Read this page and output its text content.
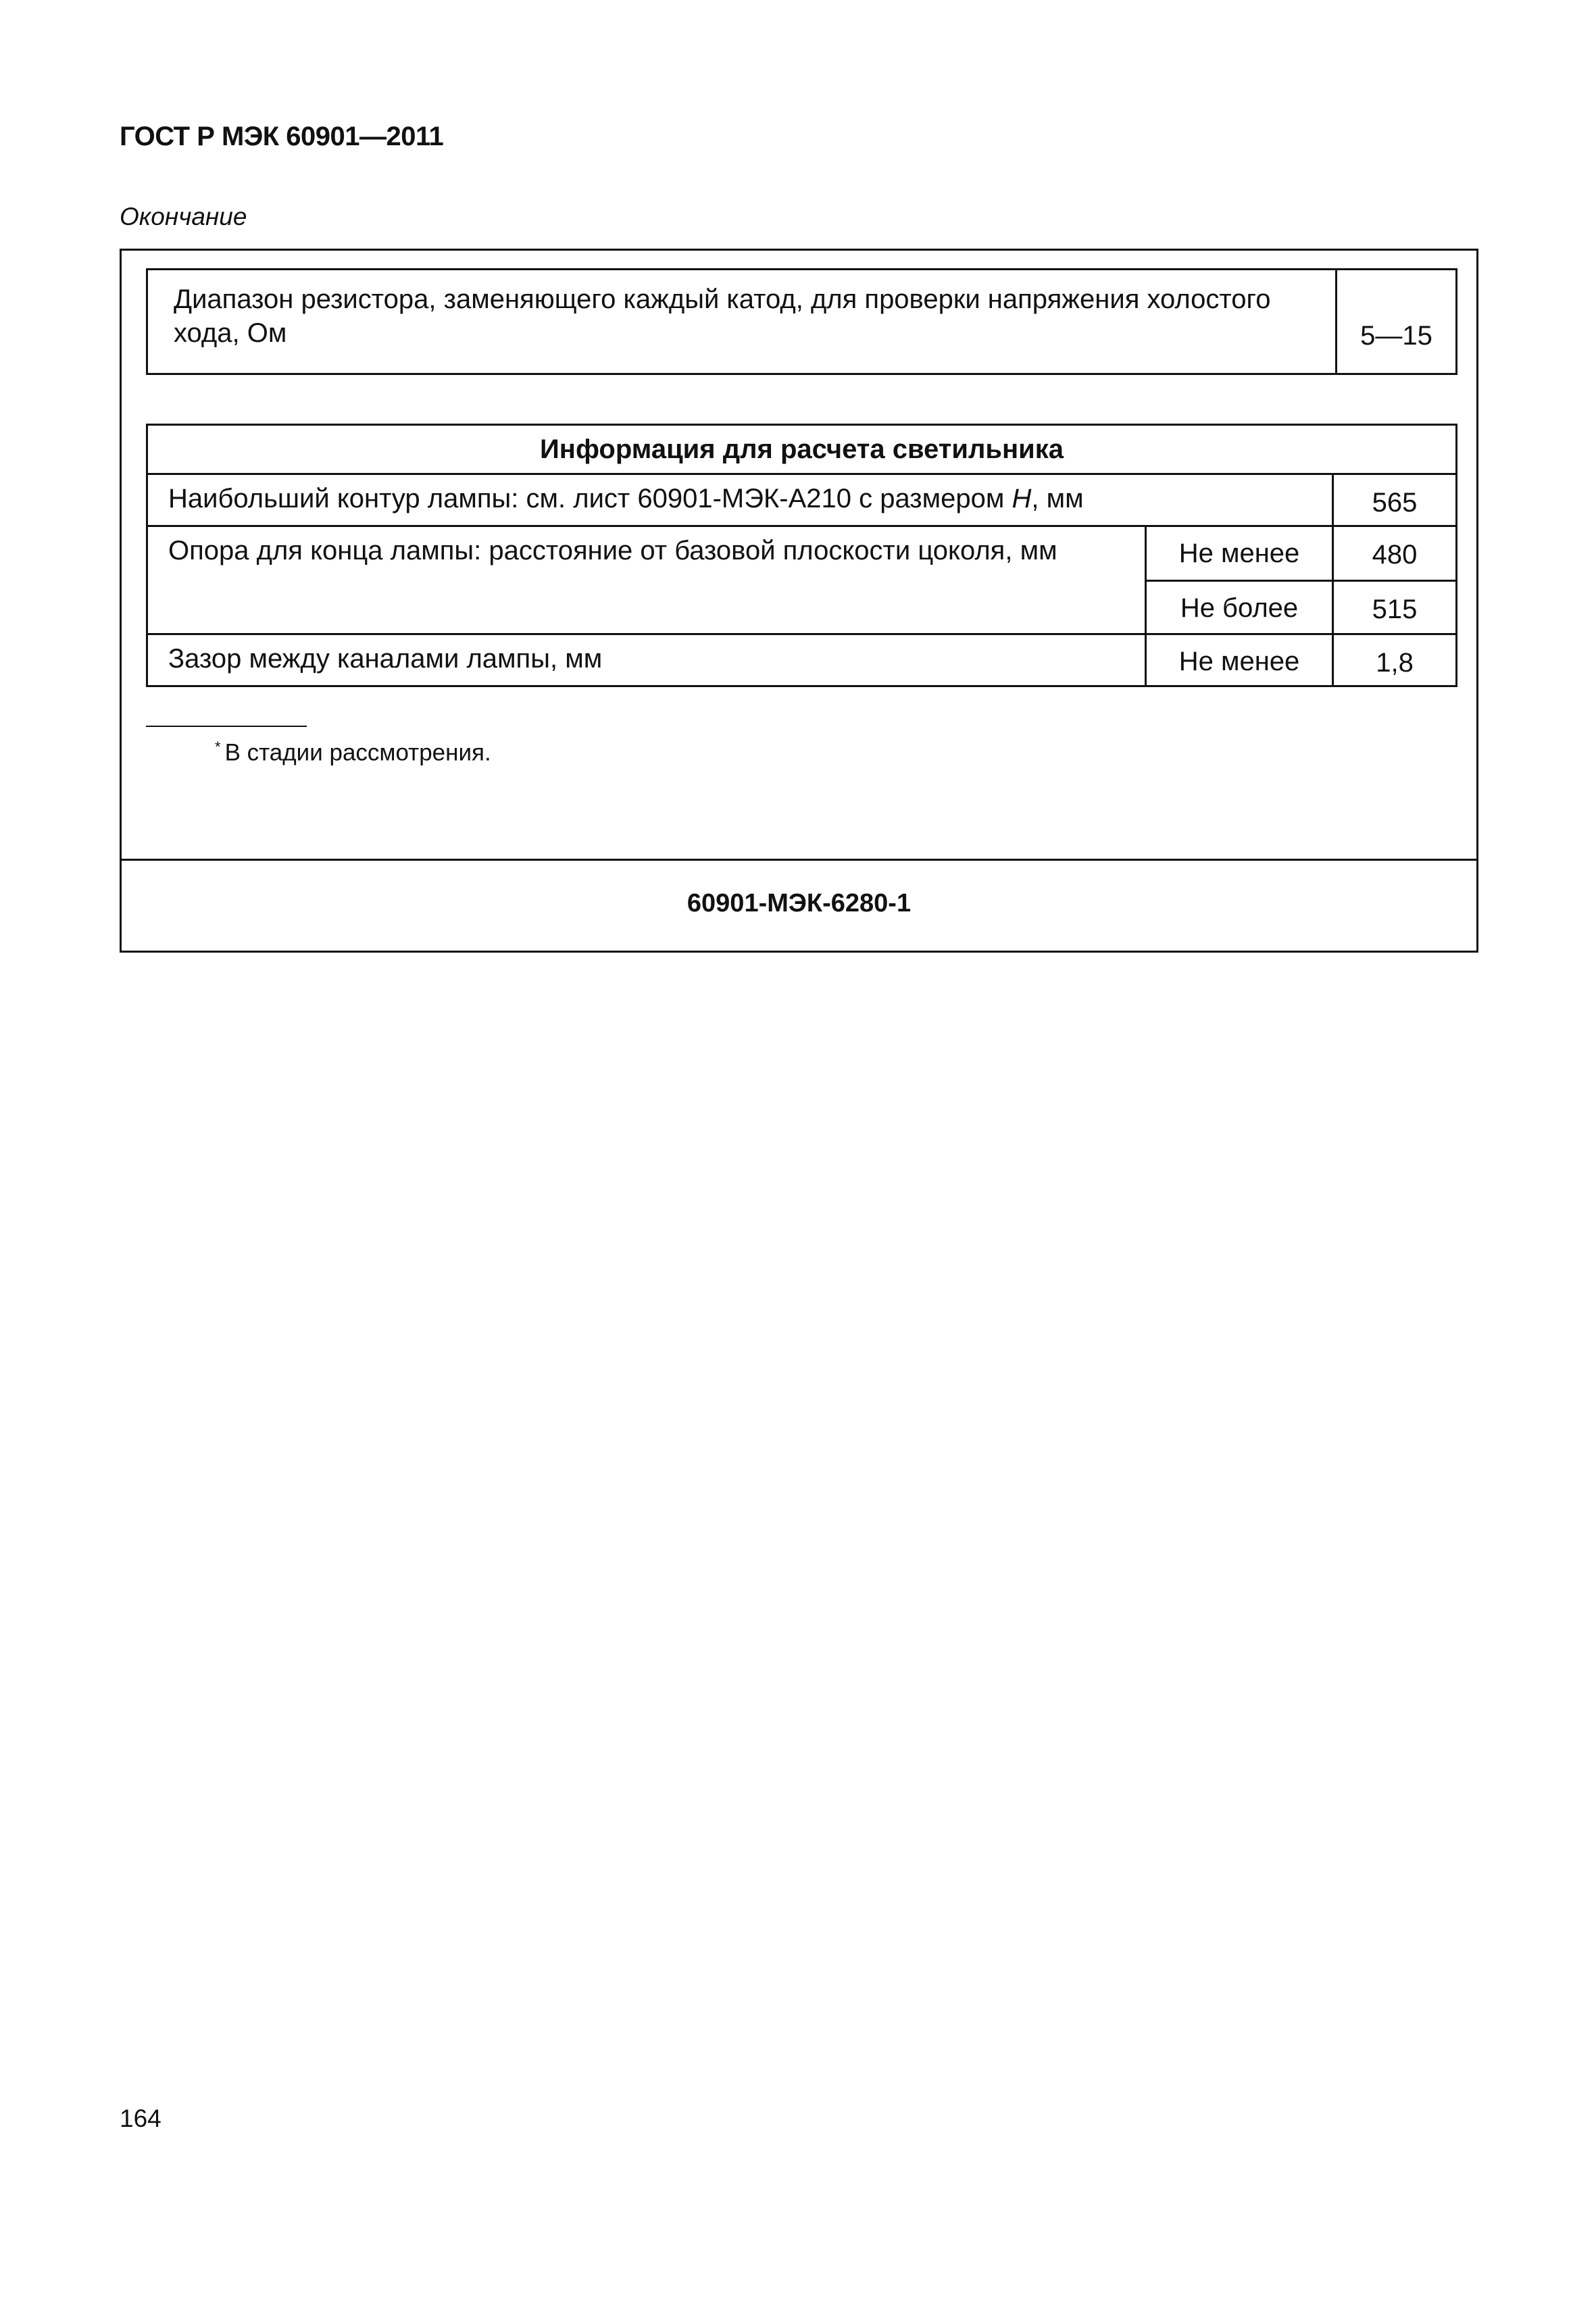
ГОСТ Р МЭК 60901—2011
Окончание
Диапазон резистора, заменяющего каждый катод, для проверки напряжения холостого хода, Ом	5—15
Информация для расчета светильника		
Наибольший контур лампы: см. лист 60901-МЭК-А210 с размером H, мм		565
Опора для конца лампы: расстояние от базовой плоскости цоколя, мм	Не менее	480
	Не более	515
Зазор между каналами лампы, мм	Не менее	1,8
* В стадии рассмотрения.
60901-МЭК-6280-1
164
